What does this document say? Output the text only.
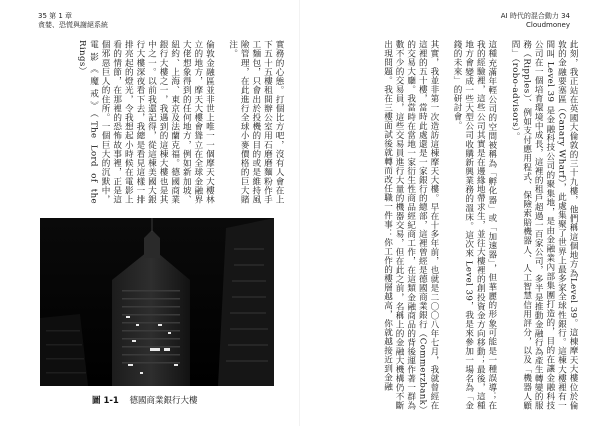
35 第 1 章
貪婪、恐慌與謝絕系統
實務的心態。打個比方吧，沒有人會在上下五十五樓租間辦公室用石磨磨麵粉作手工麵包，只會出於投機的目的或是維持風險管理，在此進行全球小麥價格的巨大賭注。

倫敦金融區並非世上唯一一個摩天大樓林立的地方，摩天大樓會聳立在全球金融界大佬想象得到的任何地方，例如新加坡、紐約、上海、東京及法蘭克福。德國商業銀行大樓之一，我遇到的這棟大樓也是其中之一。以前我還記得，從這棟美國大銀行大樓深夜看下去，我總是看見這樣一排排亮起的燈光，令我想起小時候在電影上看的情節，在那裡的恐怖故事裡，正是這個邪惡巨人的住所。一個巨大的沉默中，電影《魔戒》（The Lord of the Rings）
圖 1-1 德國商業銀行大樓
AI 時代的混合動力 34
Cloudmoney
此刻，我正站在英國大倫敦的三十九樓，他們稱這個地方為Level 39。這棟摩天大樓位於倫敦的金融要塞區（Canary Wharf），此處集聚了世界上最多家全球性銀行。這棟大樓裡有一間叫 Level 39 是金融科技公司的聚集地，是由金融業內部集團打造的，目的在讓金融科技公司在一個培育環境中成長，這裡的租戶超過一百家公司，多半是推動金融行為產生轉變的服務（Ripples）、例如支付應用程式、保險索賠機器人、人工智慧信用評分，以及「機器人顧問」（robo-advisors）。

這種充滿年輕公司的空間被稱為「孵化器」或「加速器」，但華麗的形象可能是一種誤導；在我的經驗裡，這些公司其實是在邊緣地帶求生，並往大樓裡的創投資金方向移動；最後，這種地方會變成一些大型公司收購新興業務的溫床。這次來 Level 39，我是來參加一場名為「金錢的未來」的研討會。

其實，我並非第一次造訪這棟摩天大樓。早在十多年前，也就是二〇〇八年七月，我就曾經在這裡的五十樓，當時此處還是一家銀行的總部，這裡曾經是德國商業銀行（Commerzbank）的交易大廳。我當時在當地一家衍生性商品經紀商工作，在這類金融商品的背後運作著一群為數不少的交易員，這些交易員進行大量的機器交易，但在此之前，名稱上的金融大機構仍不斷出現問題。我在三樓面試後就轉而改任職一件事：你工作的樓層越高，你就越接近到金融
